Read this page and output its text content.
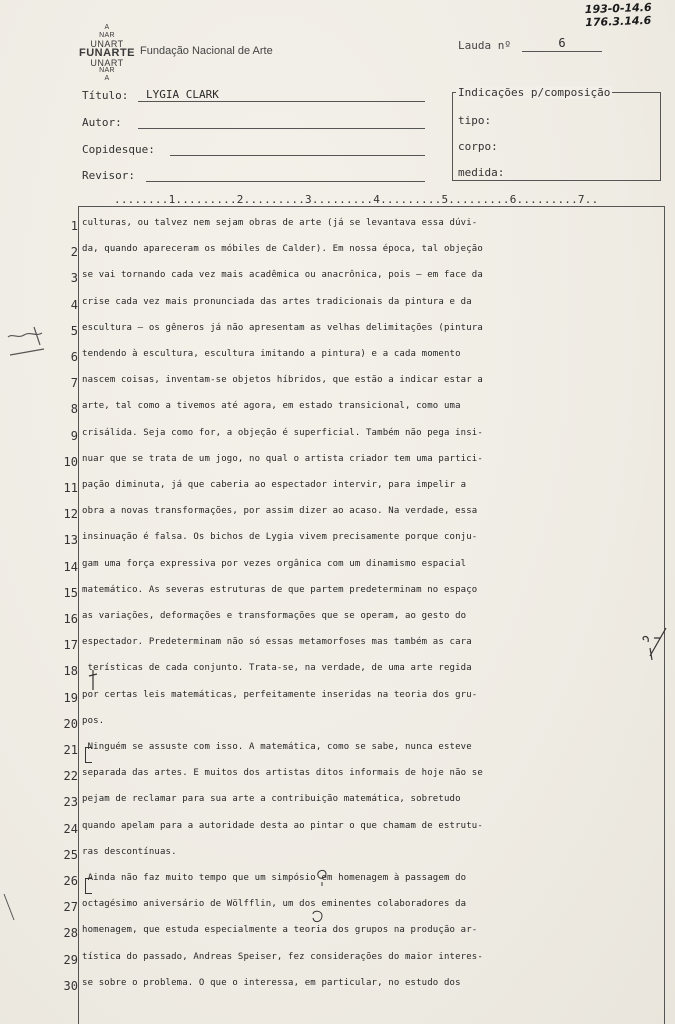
193-0-14.6
176.3.14.6
A
NAR
UNART
FUNARTE
UNART
NAR
A
Fundação Nacional de Arte	Lauda nº	6
Título:	LYGIA CLARK
Autor:
Copidesque:
Revisor:
Indicações p/composição
tipo:
corpo:
medida:
........1.........2.........3.........4.........5.........6.........7..
1 culturas, ou talvez nem sejam obras de arte (já se levantava essa dúvi-
2 da, quando apareceram os móbiles de Calder). Em nossa época, tal objeção
3 se vai tornando cada vez mais acadêmica ou anacrônica, pois — em face da
4 crise cada vez mais pronunciada das artes tradicionais da pintura e da
5 escultura — os gêneros já não apresentam as velhas delimitações (pintura
6 tendendo à escultura, escultura imitando a pintura) e a cada momento
7 nascem coisas, inventam-se objetos híbridos, que estão a indicar estar a
8 arte, tal como a tivemos até agora, em estado transicional, como uma
9 crisálida. Seja como for, a objeção é superficial. Também não pega insi-
10 nuar que se trata de um jogo, no qual o artista criador tem uma partici-
11 pação diminuta, já que caberia ao espectador intervir, para impelir a
12 obra a novas transformações, por assim dizer ao acaso. Na verdade, essa
13 insinuação é falsa. Os bichos de Lygia vivem precisamente porque conju-
14 gam uma força expressiva por vezes orgânica com um dinamismo espacial
15 matemático. As severas estruturas de que partem predeterminam no espaço
16 as variações, deformações e transformações que se operam, ao gesto do
17 espectador. Predeterminam não só essas metamorfoses mas também as cara
18 terísticas de cada conjunto. Trata-se, na verdade, de uma arte regida
19 por certas leis matemáticas, perfeitamente inseridas na teoria dos gru-
20 pos.
21 Ninguém se assuste com isso. A matemática, como se sabe, nunca esteve
22 separada das artes. E muitos dos artistas ditos informais de hoje não se
23 pejam de reclamar para sua arte a contribuição matemática, sobretudo
24 quando apelam para a autoridade desta ao pintar o que chamam de estrutu-
25 ras descontínuas.
26 Ainda não faz muito tempo que um simpósio em homenagem à passagem do
27 octagésimo aniversário de Wölfflin, um dos eminentes colaboradores da
28 homenagem, que estuda especialmente a teoria dos grupos na produção ar-
29 tística do passado, Andreas Speiser, fez considerações do maior interes-
30 se sobre o problema. O que o interessa, em particular, no estudo dos
